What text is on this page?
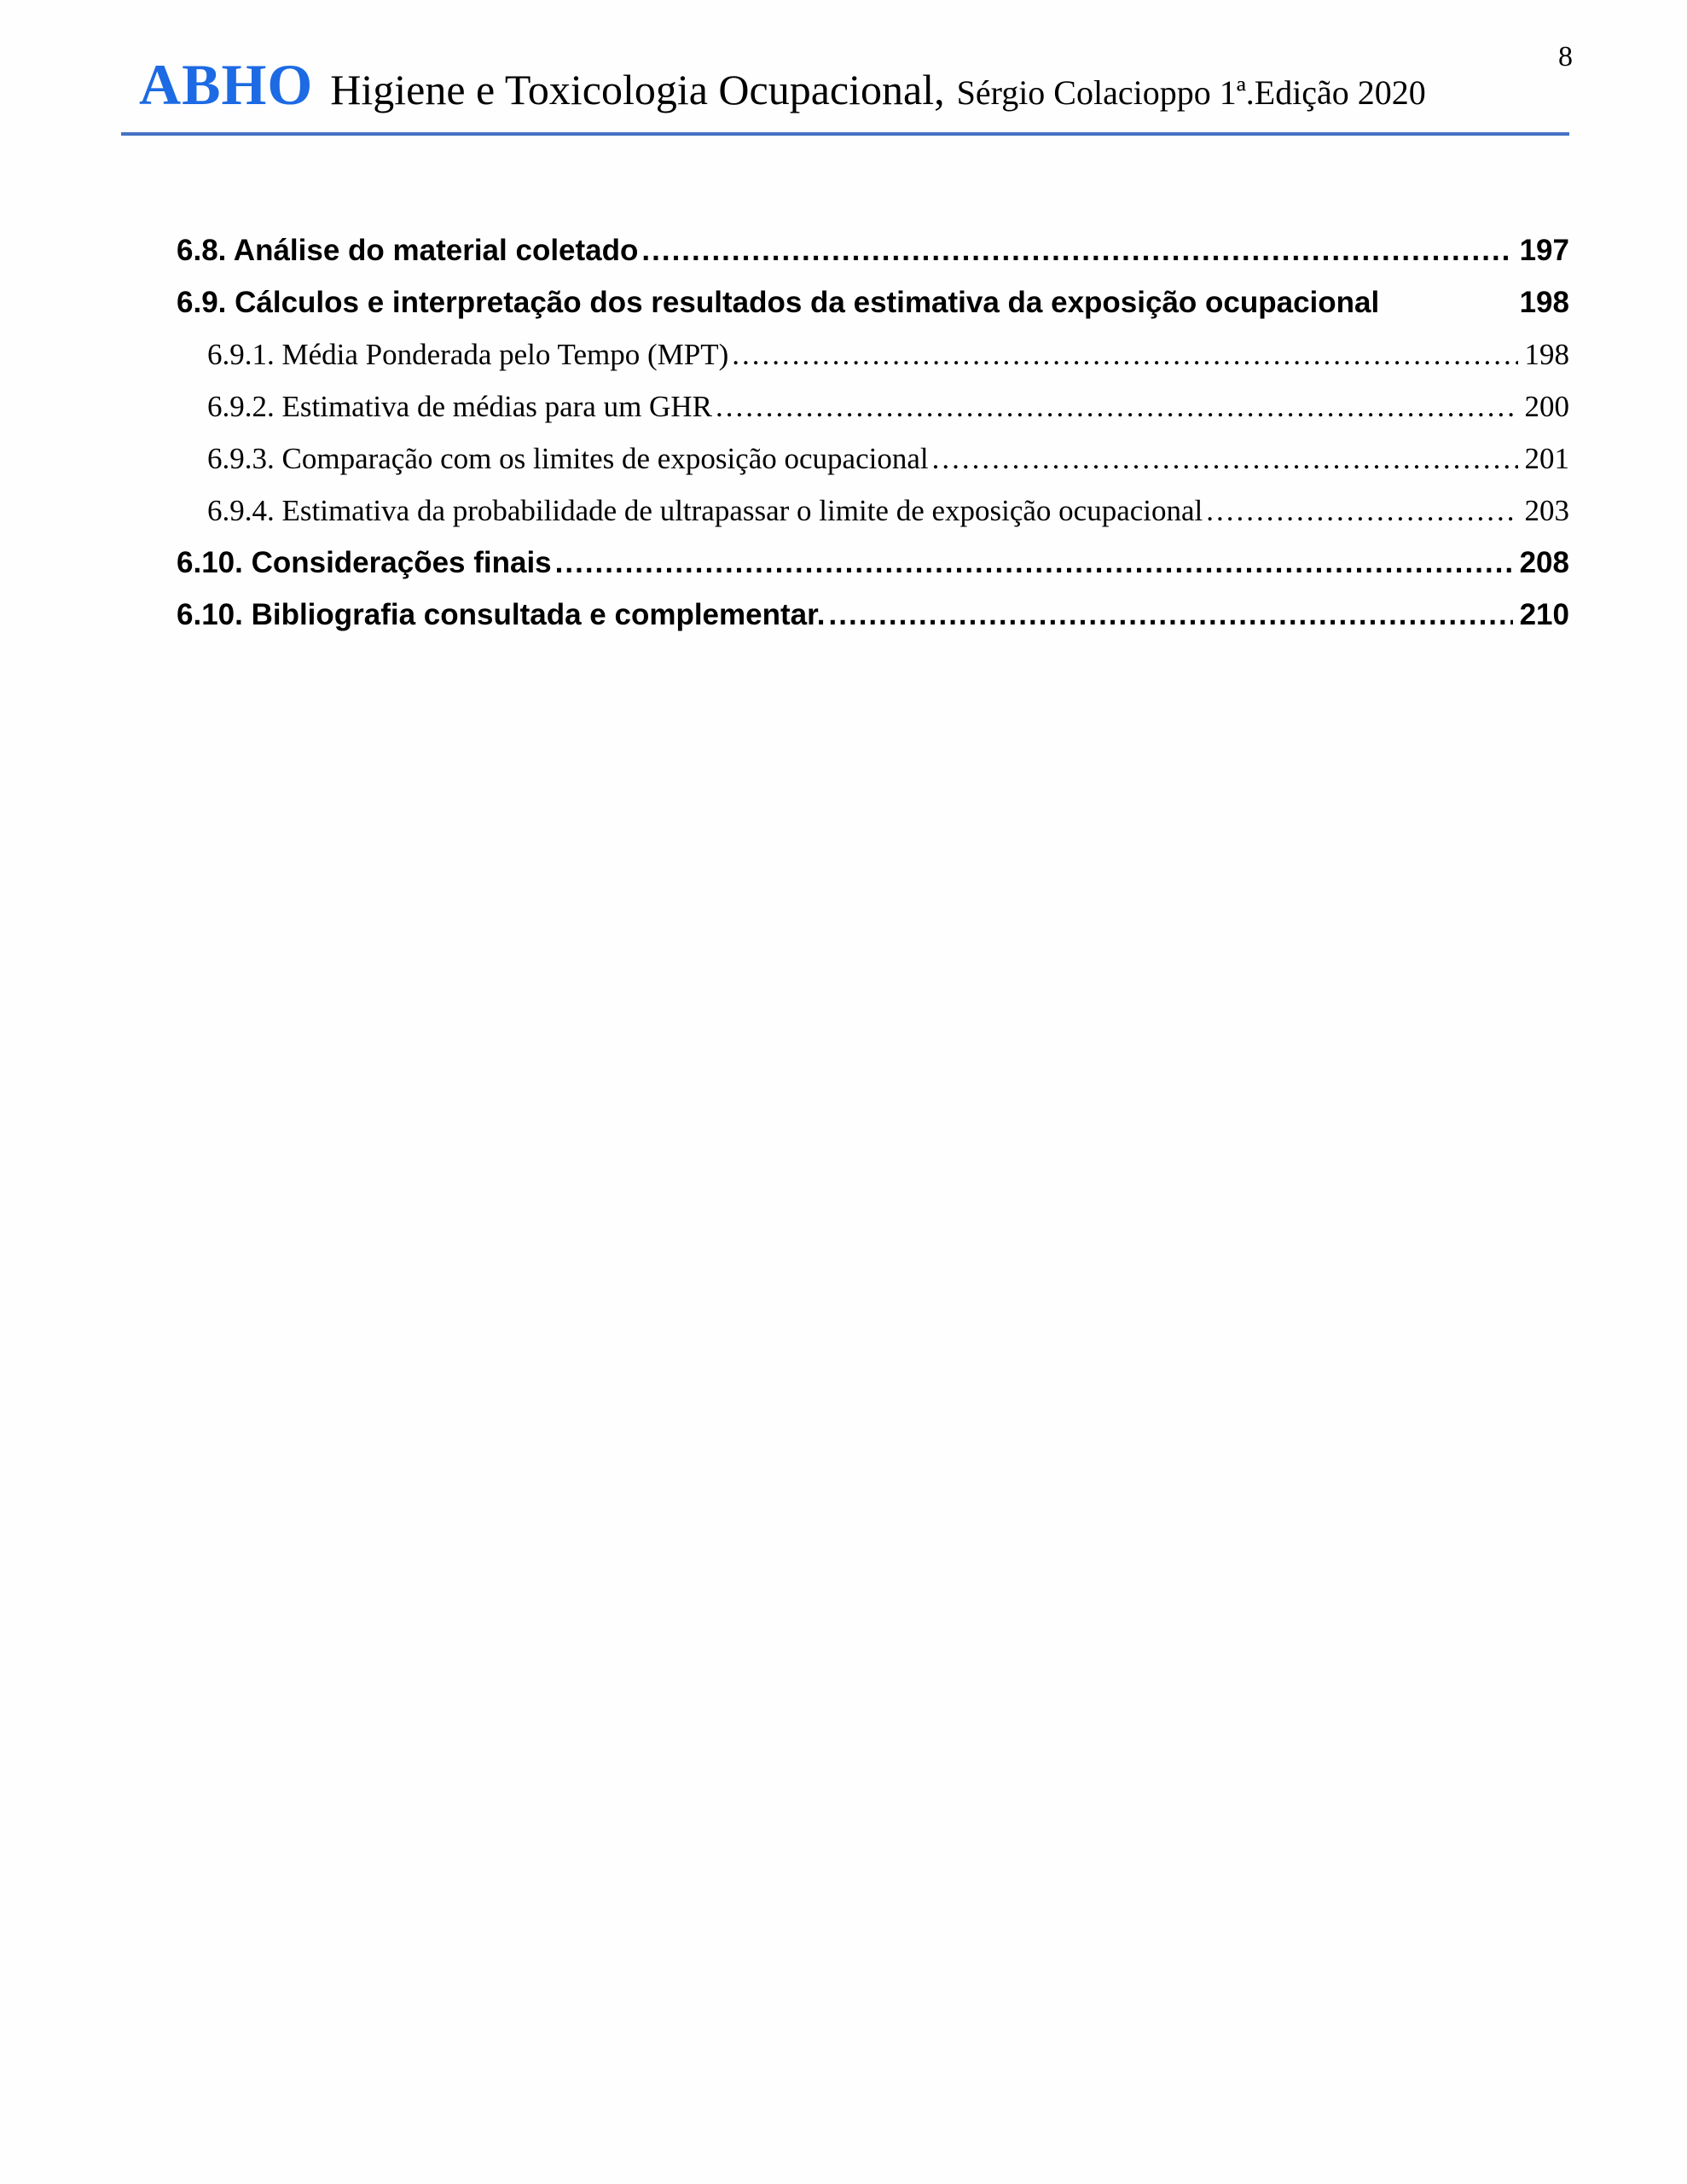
8
ABHO Higiene e Toxicologia Ocupacional, Sérgio Colacioppo 1ª.Edição 2020
6.8. Análise do material coletado .....	197
6.9. Cálculos e interpretação dos resultados da estimativa da exposição ocupacional	198
6.9.1. Média Ponderada pelo Tempo (MPT) .....	198
6.9.2. Estimativa de médias para um GHR .....	200
6.9.3. Comparação com os limites de exposição ocupacional .....	201
6.9.4. Estimativa da probabilidade de ultrapassar o limite de exposição ocupacional .....	203
6.10. Considerações finais .....	208
6.10. Bibliografia consultada e complementar. .....	210
